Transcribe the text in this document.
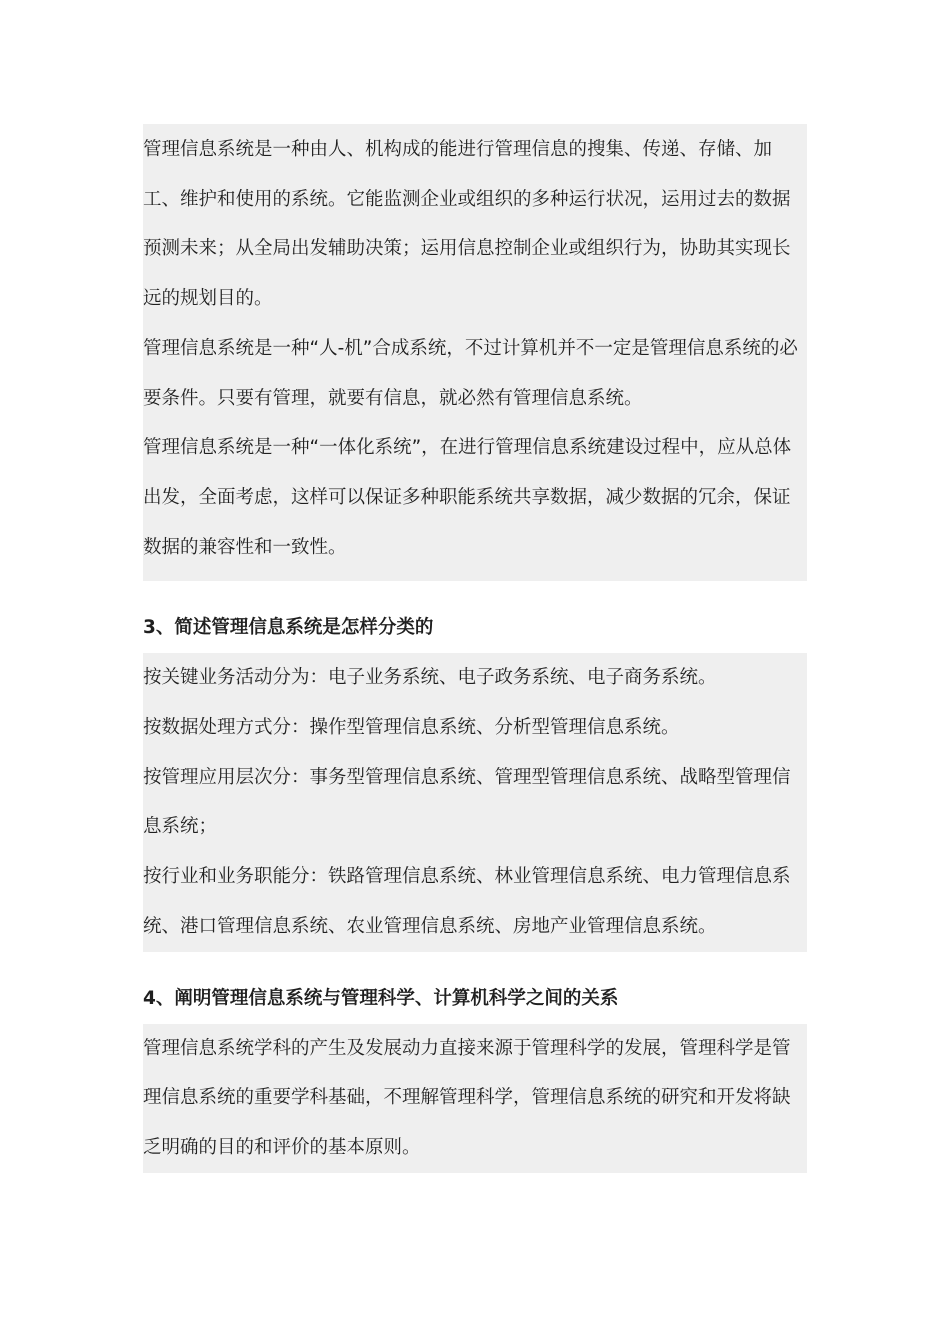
管理信息系统是一种由人、机构成的能进行管理信息的搜集、传递、存储、加工、维护和使用的系统。它能监测企业或组织的多种运行状况，运用过去的数据预测未来；从全局出发辅助决策；运用信息控制企业或组织行为，协助其实现长远的规划目的。

管理信息系统是一种“人-机”合成系统，不过计算机并不一定是管理信息系统的必要条件。只要有管理，就要有信息，就必然有管理信息系统。

管理信息系统是一种“一体化系统”，在进行管理信息系统建设过程中，应从总体出发，全面考虑，这样可以保证多种职能系统共享数据，减少数据的冗余，保证数据的兼容性和一致性。

3、简述管理信息系统是怎样分类的

按关键业务活动分为：电子业务系统、电子政务系统、电子商务系统。

按数据处理方式分：操作型管理信息系统、分析型管理信息系统。

按管理应用层次分：事务型管理信息系统、管理型管理信息系统、战略型管理信息系统；

按行业和业务职能分：铁路管理信息系统、林业管理信息系统、电力管理信息系统、港口管理信息系统、农业管理信息系统、房地产业管理信息系统。

4、阐明管理信息系统与管理科学、计算机科学之间的关系

管理信息系统学科的产生及发展动力直接来源于管理科学的发展，管理科学是管理信息系统的重要学科基础，不理解管理科学，管理信息系统的研究和开发将缺乏明确的目的和评价的基本原则。
